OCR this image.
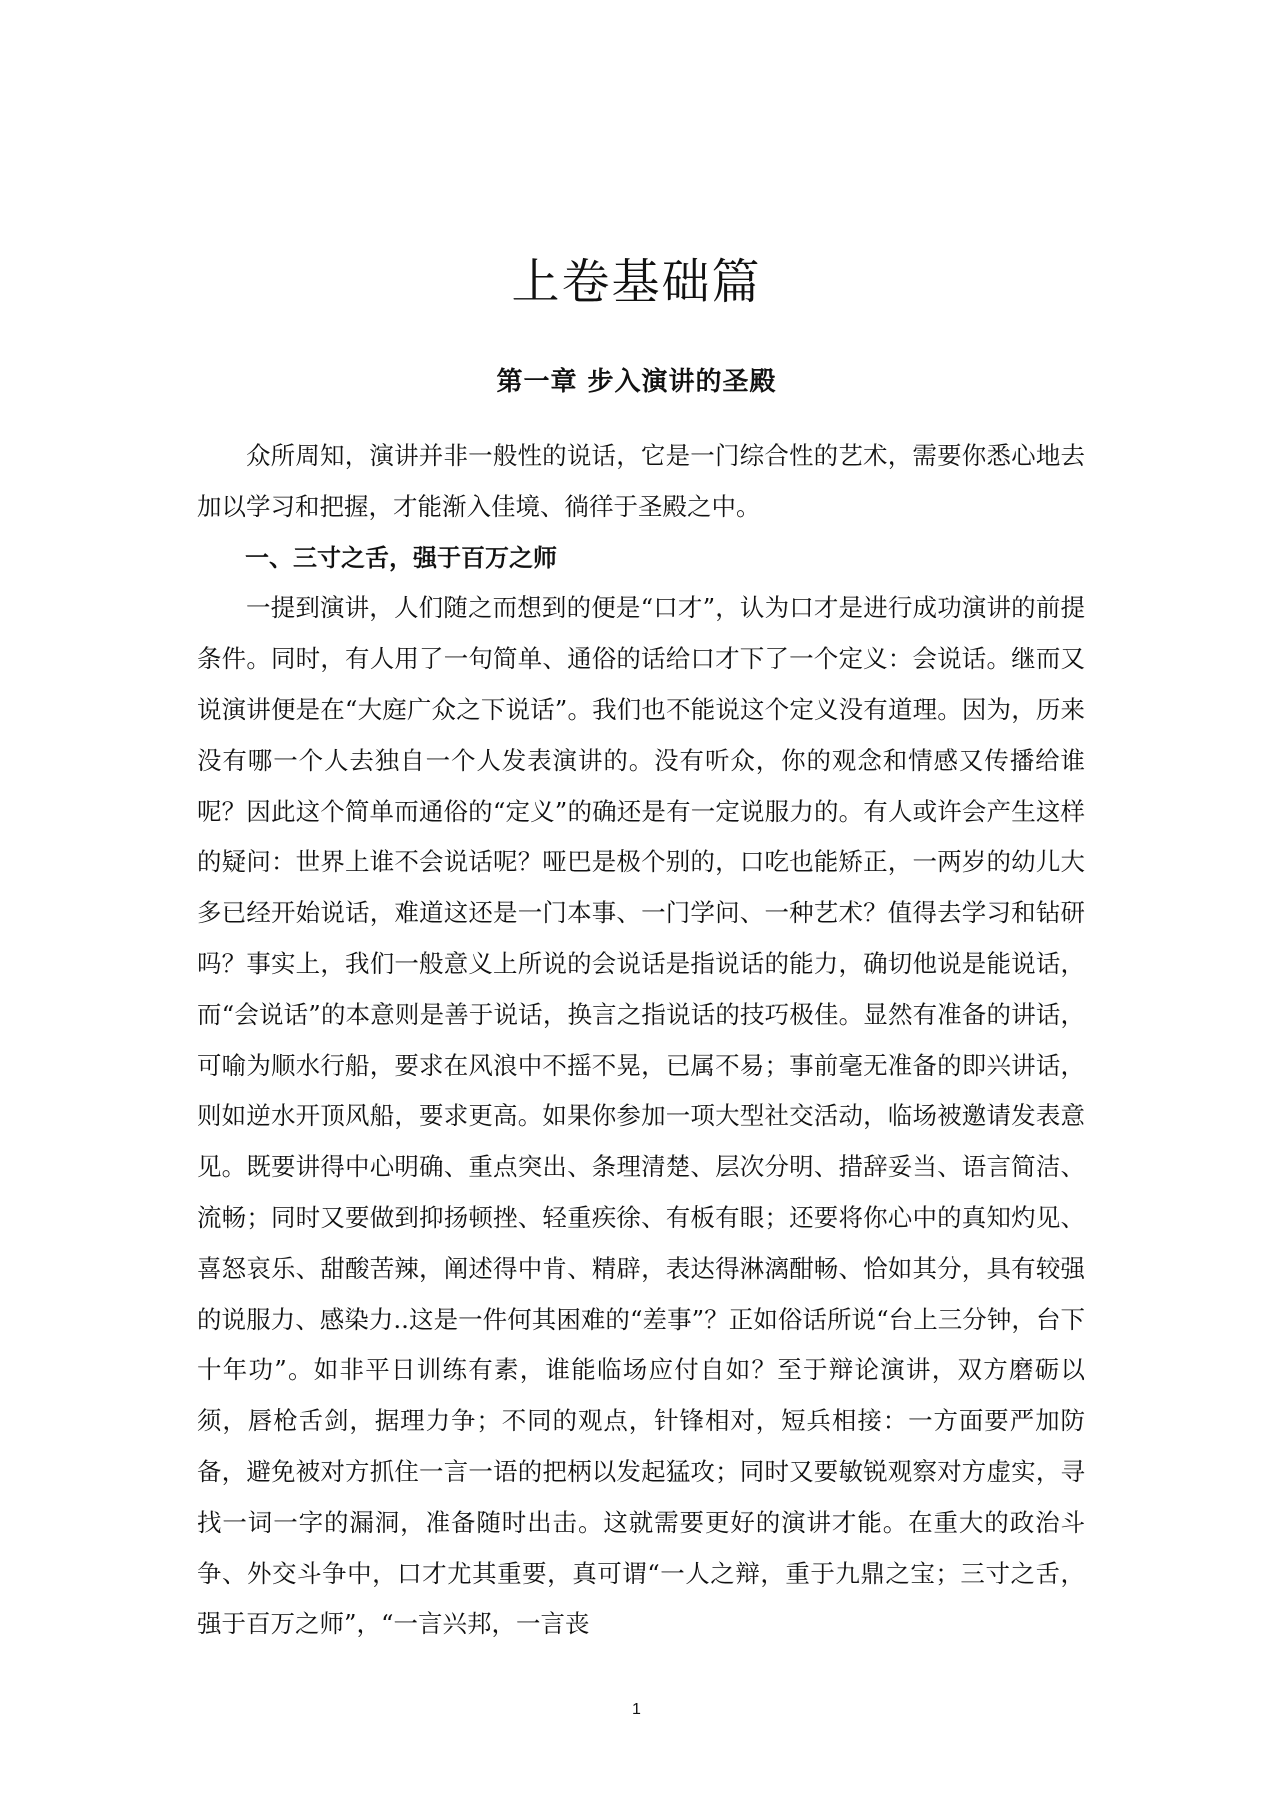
上卷基础篇
第一章 步入演讲的圣殿

众所周知，演讲并非一般性的说话，它是一门综合性的艺术，需要你悉心地去加以学习和把握，才能渐入佳境、徜徉于圣殿之中。

一、三寸之舌，强于百万之师

一提到演讲，人们随之而想到的便是“口才”，认为口才是进行成功演讲的前提条件。同时，有人用了一句简单、通俗的话给口才下了一个定义：会说话。继而又说演讲便是在“大庭广众之下说话”。我们也不能说这个定义没有道理。因为，历来没有哪一个人去独自一个人发表演讲的。没有听众，你的观念和情感又传播给谁呢？因此这个简单而通俗的“定义”的确还是有一定说服力的。有人或许会产生这样的疑问：世界上谁不会说话呢？哑巴是极个别的，口吃也能矫正，一两岁的幼儿大多已经开始说话，难道这还是一门本事、一门学问、一种艺术？值得去学习和钻研吗？事实上，我们一般意义上所说的会说话是指说话的能力，确切他说是能说话，而“会说话”的本意则是善于说话，换言之指说话的技巧极佳。显然有准备的讲话，可喻为顺水行船，要求在风浪中不摇不晃，已属不易；事前毫无准备的即兴讲话，则如逆水开顶风船，要求更高。如果你参加一项大型社交活动，临场被邀请发表意见。既要讲得中心明确、重点突出、条理清楚、层次分明、措辞妥当、语言简洁、流畅；同时又要做到抑扬顿挫、轻重疾徐、有板有眼；还要将你心中的真知灼见、喜怒哀乐、甜酸苦辣，阐述得中肯、精辟，表达得淋漓酣畅、恰如其分，具有较强的说服力、感染力..这是一件何其困难的“差事”？正如俗话所说“台上三分钟，台下十年功”。如非平日训练有素，谁能临场应付自如？至于辩论演讲，双方磨砺以须，唇枪舌剑，据理力争；不同的观点，针锋相对，短兵相接：一方面要严加防备，避免被对方抓住一言一语的把柄以发起猛攻；同时又要敏锐观察对方虚实，寻找一词一字的漏洞，准备随时出击。这就需要更好的演讲才能。在重大的政治斗争、外交斗争中，口才尤其重要，真可谓“一人之辩，重于九鼎之宝；三寸之舌，强于百万之师”，“一言兴邦，一言丧

1
